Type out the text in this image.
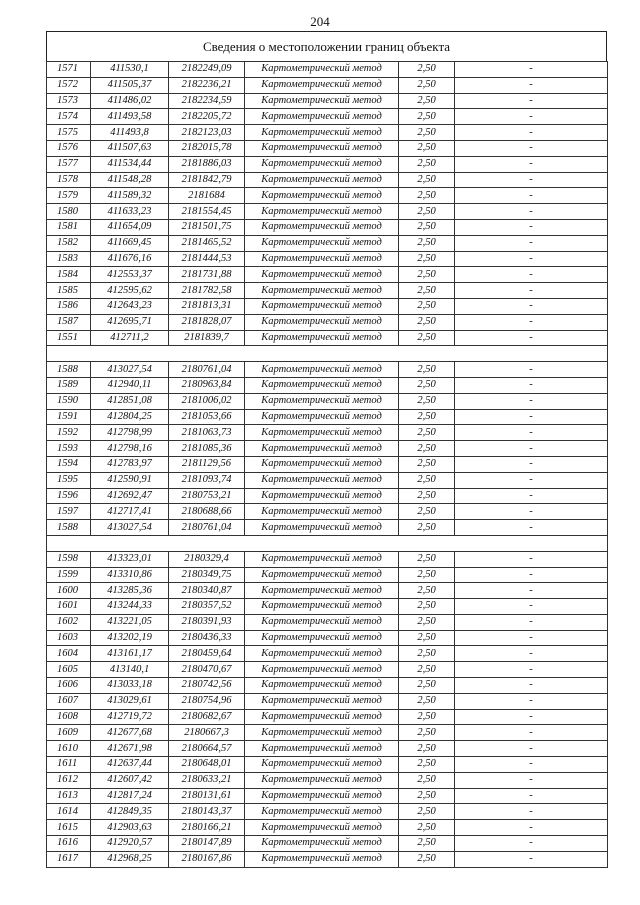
204
Сведения о местоположении границ объекта
1571	411530,1	2182249,09	Картометрический метод	2,50	-
1572	411505,37	2182236,21	Картометрический метод	2,50	-
1573	411486,02	2182234,59	Картометрический метод	2,50	-
1574	411493,58	2182205,72	Картометрический метод	2,50	-
1575	411493,8	2182123,03	Картометрический метод	2,50	-
1576	411507,63	2182015,78	Картометрический метод	2,50	-
1577	411534,44	2181886,03	Картометрический метод	2,50	-
1578	411548,28	2181842,79	Картометрический метод	2,50	-
1579	411589,32	2181684	Картометрический метод	2,50	-
1580	411633,23	2181554,45	Картометрический метод	2,50	-
1581	411654,09	2181501,75	Картометрический метод	2,50	-
1582	411669,45	2181465,52	Картометрический метод	2,50	-
1583	411676,16	2181444,53	Картометрический метод	2,50	-
1584	412553,37	2181731,88	Картометрический метод	2,50	-
1585	412595,62	2181782,58	Картометрический метод	2,50	-
1586	412643,23	2181813,31	Картометрический метод	2,50	-
1587	412695,71	2181828,07	Картометрический метод	2,50	-
1551	412711,2	2181839,7	Картометрический метод	2,50	-

1588	413027,54	2180761,04	Картометрический метод	2,50	-
1589	412940,11	2180963,84	Картометрический метод	2,50	-
1590	412851,08	2181006,02	Картометрический метод	2,50	-
1591	412804,25	2181053,66	Картометрический метод	2,50	-
1592	412798,99	2181063,73	Картометрический метод	2,50	-
1593	412798,16	2181085,36	Картометрический метод	2,50	-
1594	412783,97	2181129,56	Картометрический метод	2,50	-
1595	412590,91	2181093,74	Картометрический метод	2,50	-
1596	412692,47	2180753,21	Картометрический метод	2,50	-
1597	412717,41	2180688,66	Картометрический метод	2,50	-
1588	413027,54	2180761,04	Картометрический метод	2,50	-

1598	413323,01	2180329,4	Картометрический метод	2,50	-
1599	413310,86	2180349,75	Картометрический метод	2,50	-
1600	413285,36	2180340,87	Картометрический метод	2,50	-
1601	413244,33	2180357,52	Картометрический метод	2,50	-
1602	413221,05	2180391,93	Картометрический метод	2,50	-
1603	413202,19	2180436,33	Картометрический метод	2,50	-
1604	413161,17	2180459,64	Картометрический метод	2,50	-
1605	413140,1	2180470,67	Картометрический метод	2,50	-
1606	413033,18	2180742,56	Картометрический метод	2,50	-
1607	413029,61	2180754,96	Картометрический метод	2,50	-
1608	412719,72	2180682,67	Картометрический метод	2,50	-
1609	412677,68	2180667,3	Картометрический метод	2,50	-
1610	412671,98	2180664,57	Картометрический метод	2,50	-
1611	412637,44	2180648,01	Картометрический метод	2,50	-
1612	412607,42	2180633,21	Картометрический метод	2,50	-
1613	412817,24	2180131,61	Картометрический метод	2,50	-
1614	412849,35	2180143,37	Картометрический метод	2,50	-
1615	412903,63	2180166,21	Картометрический метод	2,50	-
1616	412920,57	2180147,89	Картометрический метод	2,50	-
1617	412968,25	2180167,86	Картометрический метод	2,50	-
